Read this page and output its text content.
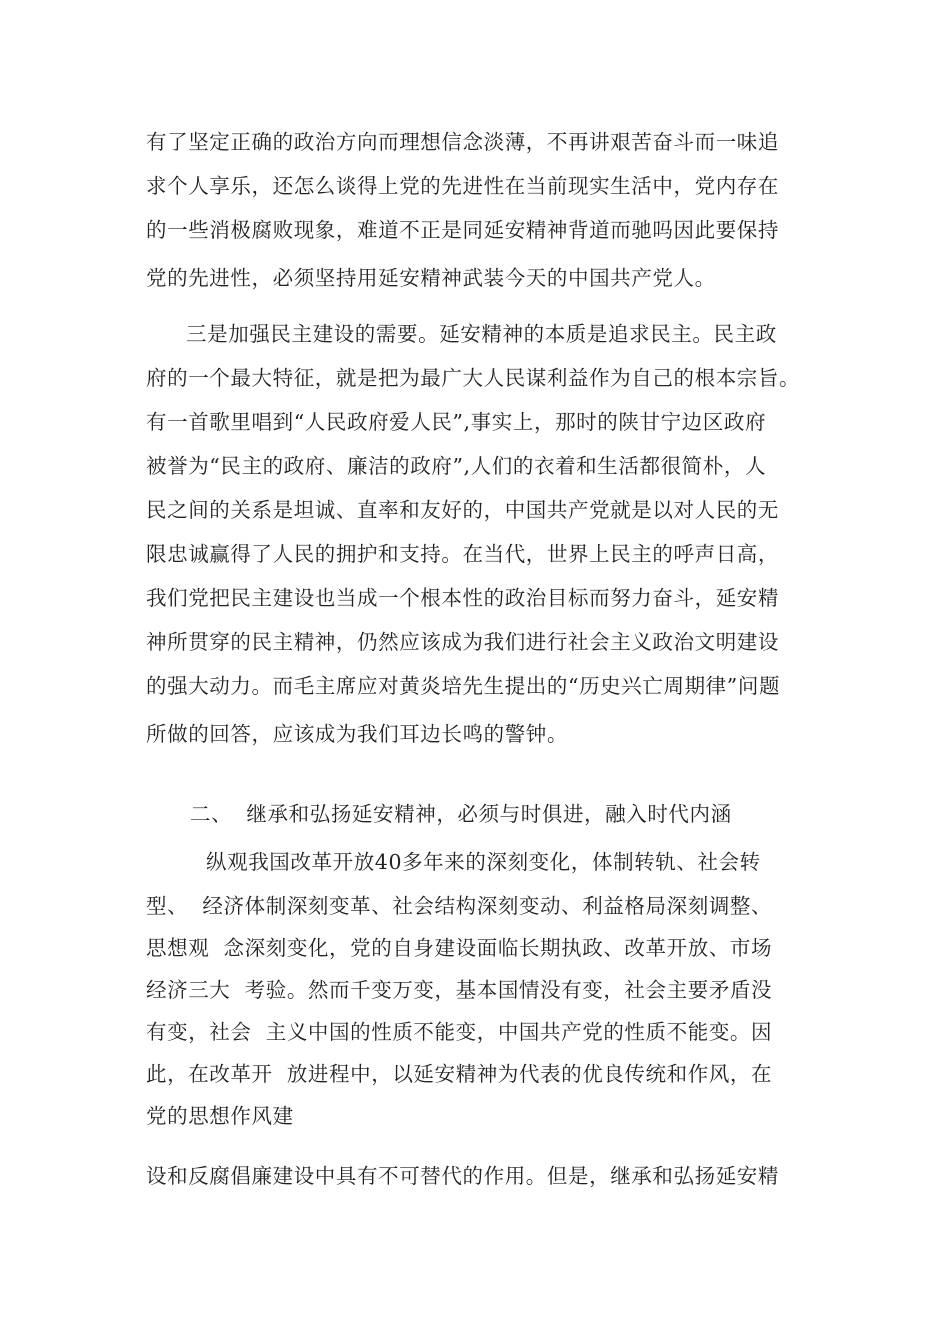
有了坚定正确的政治方向而理想信念淡薄，不再讲艰苦奋斗而一味追
求个人享乐，还怎么谈得上党的先进性在当前现实生活中，党内存在
的一些消极腐败现象，难道不正是同延安精神背道而驰吗因此要保持
党的先进性，必须坚持用延安精神武装今天的中国共产党人。
三是加强民主建设的需要。延安精神的本质是追求民主。民主政
府的一个最大特征，就是把为最广大人民谋利益作为自己的根本宗旨。
有一首歌里唱到“人民政府爱人民”,事实上，那时的陕甘宁边区政府
被誉为“民主的政府、廉洁的政府”,人们的衣着和生活都很简朴，人
民之间的关系是坦诚、直率和友好的，中国共产党就是以对人民的无
限忠诚赢得了人民的拥护和支持。在当代，世界上民主的呼声日高，
我们党把民主建设也当成一个根本性的政治目标而努力奋斗，延安精
神所贯穿的民主精神，仍然应该成为我们进行社会主义政治文明建设
的强大动力。而毛主席应对黄炎培先生提出的“历史兴亡周期律”问题
所做的回答，应该成为我们耳边长鸣的警钟。
二、  继承和弘扬延安精神，必须与时俱进，融入时代内涵
纵观我国改革开放40多年来的深刻变化，体制转轨、社会转
型、  经济体制深刻变革、社会结构深刻变动、利益格局深刻调整、
思想观  念深刻变化，党的自身建设面临长期执政、改革开放、市场
经济三大  考验。然而千变万变，基本国情没有变，社会主要矛盾没
有变，社会  主义中国的性质不能变，中国共产党的性质不能变。因
此，在改革开  放进程中，以延安精神为代表的优良传统和作风，在
党的思想作风建
设和反腐倡廉建设中具有不可替代的作用。但是，继承和弘扬延安精
